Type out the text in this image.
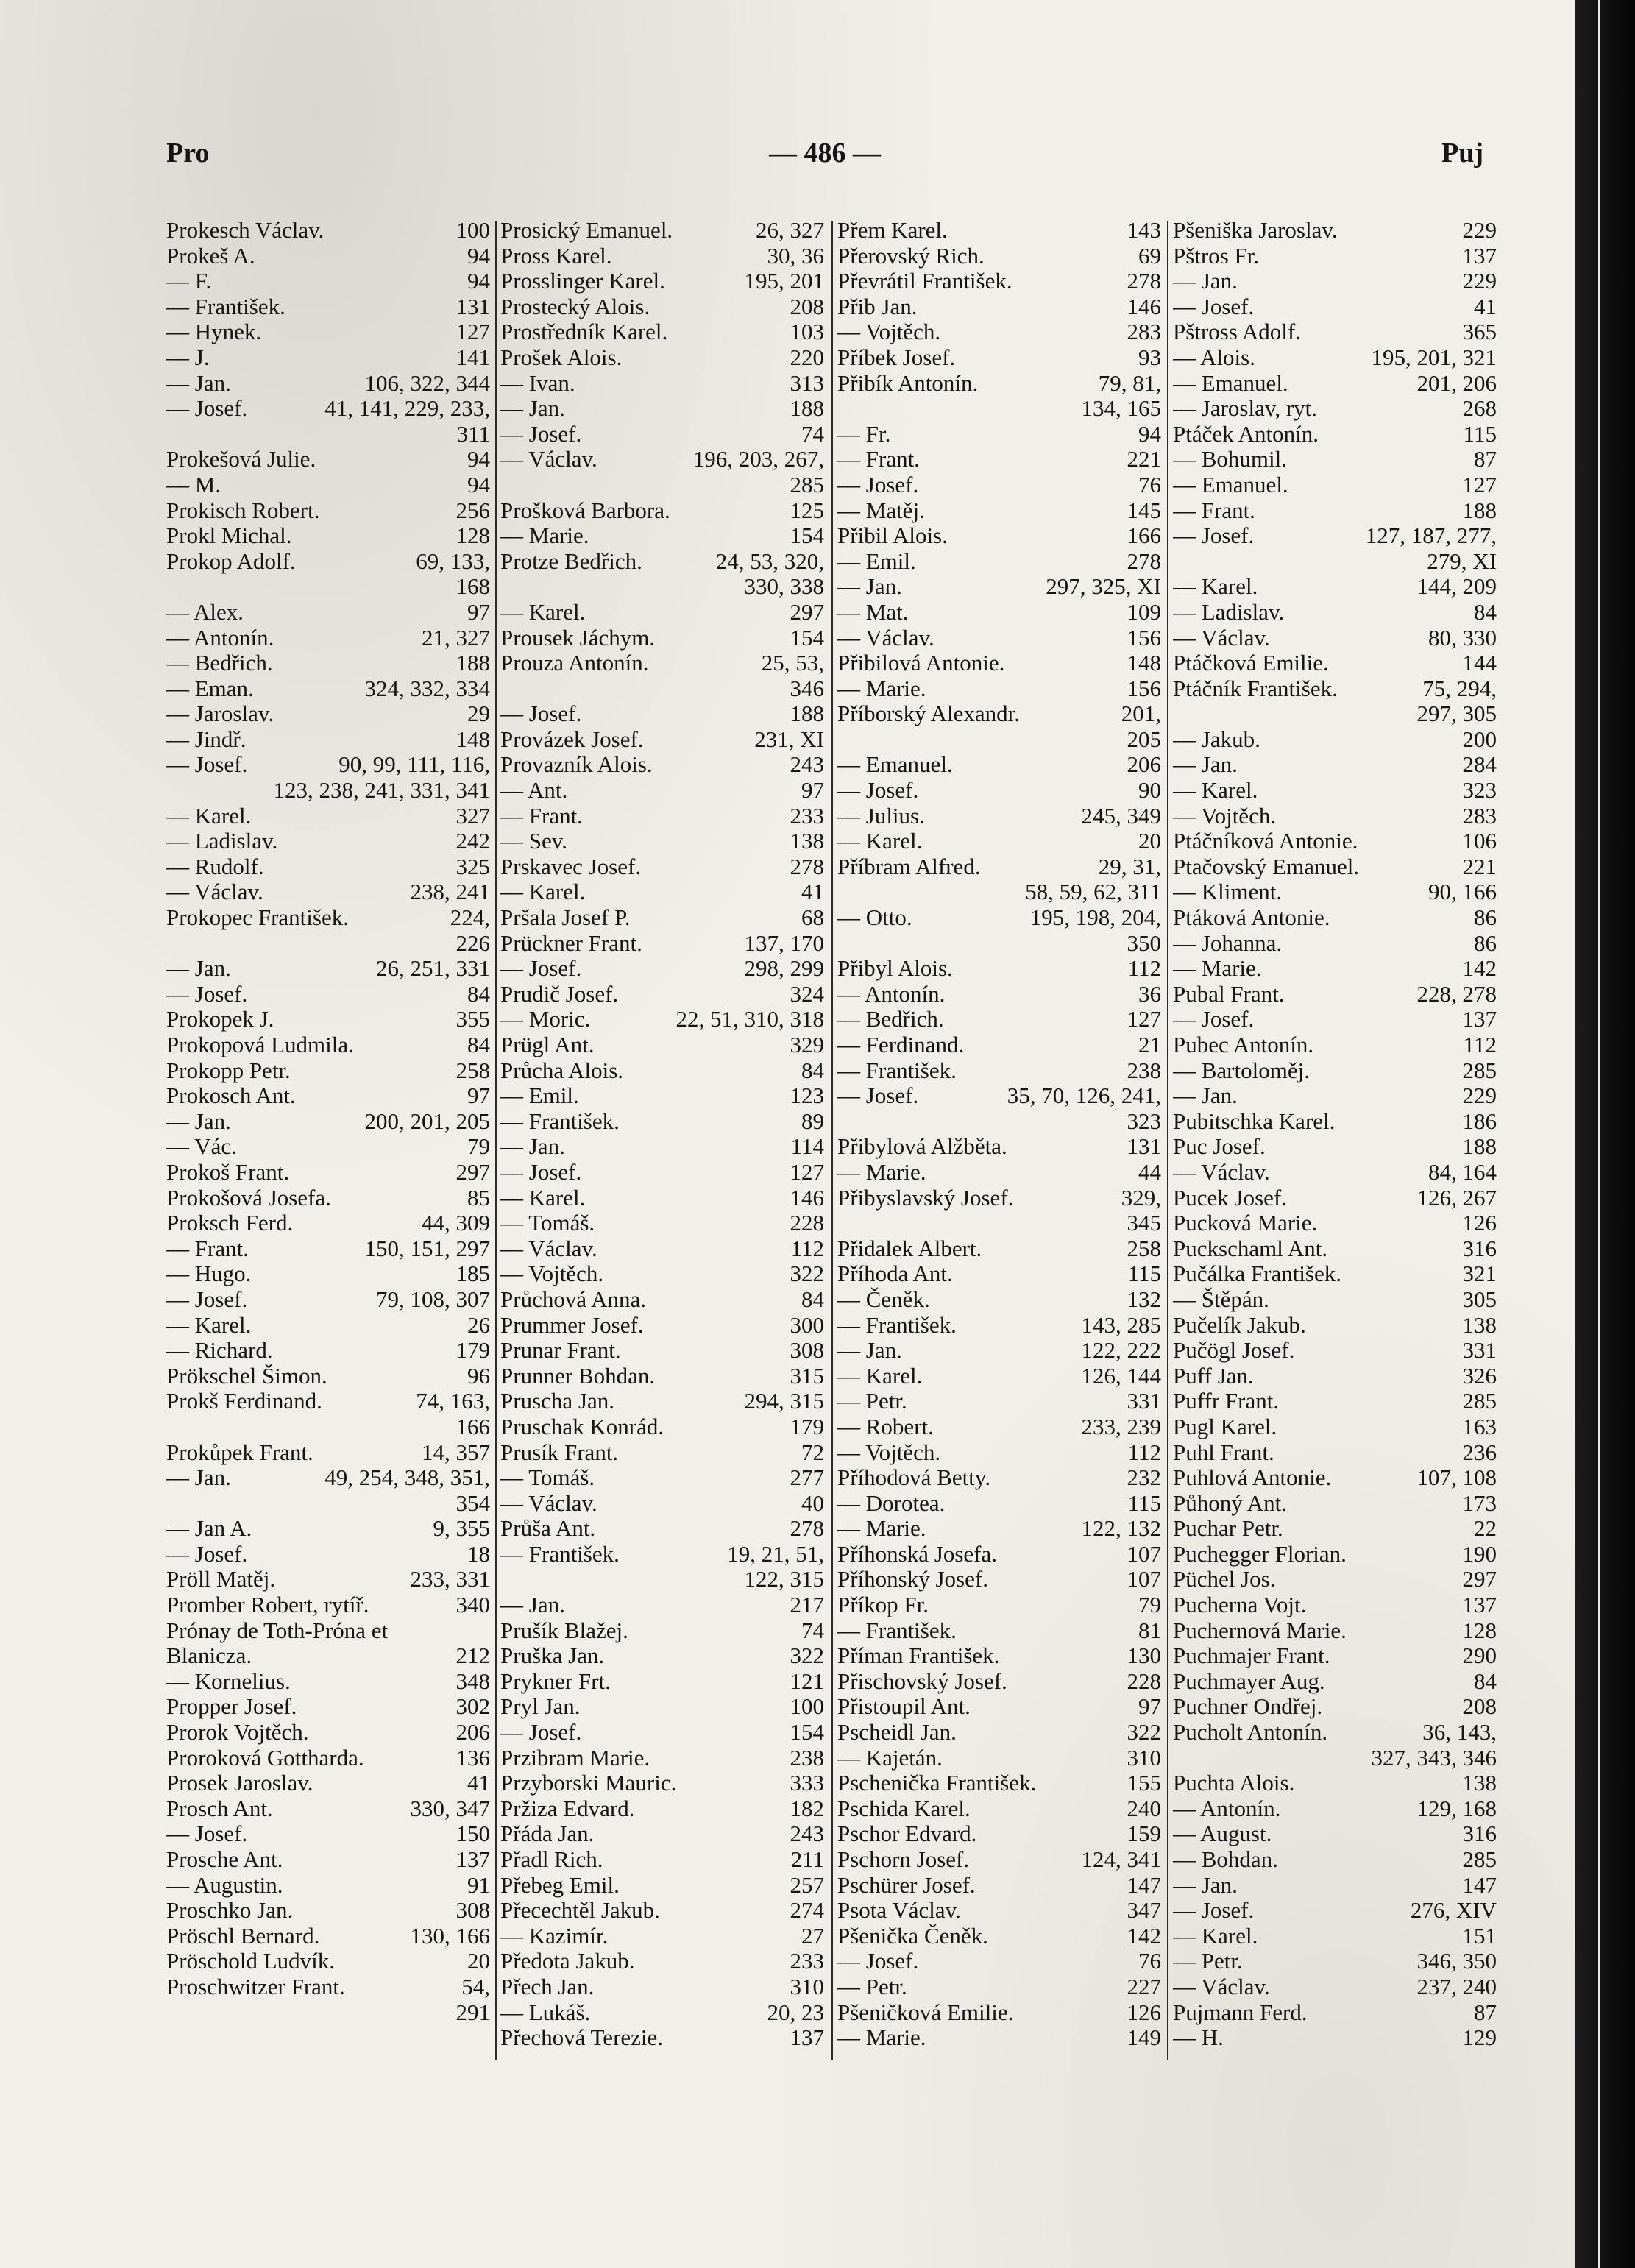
Pro	— 486 —	Puj
Prokesch Václav.	100
Prokeš A.	94
— F.	94
— František.	131
— Hynek.	127
— J.	141
— Jan.	106, 322, 344
— Josef.	41, 141, 229, 233,
311
Prokešová Julie.	94
— M.	94
Prokisch Robert.	256
Prokl Michal.	128
Prokop Adolf.	69, 133,
168
— Alex.	97
— Antonín.	21, 327
— Bedřich.	188
— Eman.	324, 332, 334
— Jaroslav.	29
— Jindř.	148
— Josef.	90, 99, 111, 116,
123, 238, 241, 331, 341
— Karel.	327
— Ladislav.	242
— Rudolf.	325
— Václav.	238, 241
Prokopec František.	224,
226
— Jan.	26, 251, 331
— Josef.	84
Prokopek J.	355
Prokopová Ludmila.	84
Prokopp Petr.	258
Prokosch Ant.	97
— Jan.	200, 201, 205
— Vác.	79
Prokoš Frant.	297
Prokošová Josefa.	85
Proksch Ferd.	44, 309
— Frant.	150, 151, 297
— Hugo.	185
— Josef.	79, 108, 307
— Karel.	26
— Richard.	179
Prökschel Šimon.	96
Prokš Ferdinand.	74, 163,
166
Prokůpek Frant.	14, 357
— Jan.	49, 254, 348, 351,
354
— Jan A.	9, 355
— Josef.	18
Pröll Matěj.	233, 331
Promber Robert, rytíř.	340
Prónay de Toth-Próna et
Blanicza.	212
— Kornelius.	348
Propper Josef.	302
Prorok Vojtěch.	206
Proroková Gottharda.	136
Prosek Jaroslav.	41
Prosch Ant.	330, 347
— Josef.	150
Prosche Ant.	137
— Augustin.	91
Proschko Jan.	308
Pröschl Bernard.	130, 166
Pröschold Ludvík.	20
Proschwitzer Frant.	54,
291
Prosický Emanuel.	26, 327
Pross Karel.	30, 36
Prosslinger Karel.	195, 201
Prostecký Alois.	208
Prostředník Karel.	103
Prošek Alois.	220
— Ivan.	313
— Jan.	188
— Josef.	74
— Václav.	196, 203, 267,
285
Prošková Barbora.	125
— Marie.	154
Protze Bedřich.	24, 53, 320,
330, 338
— Karel.	297
Prousek Jáchym.	154
Prouza Antonín.	25, 53,
346
— Josef.	188
Provázek Josef.	231, XI
Provazník Alois.	243
— Ant.	97
— Frant.	233
— Sev.	138
Prskavec Josef.	278
— Karel.	41
Pršala Josef P.	68
Prückner Frant.	137, 170
— Josef.	298, 299
Prudič Josef.	324
— Moric.	22, 51, 310, 318
Prügl Ant.	329
Průcha Alois.	84
— Emil.	123
— František.	89
— Jan.	114
— Josef.	127
— Karel.	146
— Tomáš.	228
— Václav.	112
— Vojtěch.	322
Průchová Anna.	84
Prummer Josef.	300
Prunar Frant.	308
Prunner Bohdan.	315
Pruscha Jan.	294, 315
Pruschak Konrád.	179
Prusík Frant.	72
— Tomáš.	277
— Václav.	40
Průša Ant.	278
— František.	19, 21, 51,
122, 315
— Jan.	217
Prušík Blažej.	74
Pruška Jan.	322
Prykner Frt.	121
Pryl Jan.	100
— Josef.	154
Przibram Marie.	238
Przyborski Mauric.	333
Pržiza Edvard.	182
Přáda Jan.	243
Přadl Rich.	211
Přebeg Emil.	257
Přecechtěl Jakub.	274
— Kazimír.	27
Předota Jakub.	233
Přech Jan.	310
— Lukáš.	20, 23
Přechová Terezie.	137
Přem Karel.	143
Přerovský Rich.	69
Převrátil František.	278
Přib Jan.	146
— Vojtěch.	283
Příbek Josef.	93
Přibík Antonín.	79, 81,
134, 165
— Fr.	94
— Frant.	221
— Josef.	76
— Matěj.	145
Přibil Alois.	166
— Emil.	278
— Jan.	297, 325, XI
— Mat.	109
— Václav.	156
Přibilová Antonie.	148
— Marie.	156
Příborský Alexandr.	201,
205
— Emanuel.	206
— Josef.	90
— Julius.	245, 349
— Karel.	20
Příbram Alfred.	29, 31,
58, 59, 62, 311
— Otto.	195, 198, 204,
350
Přibyl Alois.	112
— Antonín.	36
— Bedřich.	127
— Ferdinand.	21
— František.	238
— Josef.	35, 70, 126, 241,
323
Přibylová Alžběta.	131
— Marie.	44
Přibyslavský Josef.	329,
345
Přidalek Albert.	258
Příhoda Ant.	115
— Čeněk.	132
— František.	143, 285
— Jan.	122, 222
— Karel.	126, 144
— Petr.	331
— Robert.	233, 239
— Vojtěch.	112
Příhodová Betty.	232
— Dorotea.	115
— Marie.	122, 132
Příhonská Josefa.	107
Příhonský Josef.	107
Příkop Fr.	79
— František.	81
Příman František.	130
Přischovský Josef.	228
Přistoupil Ant.	97
Pscheidl Jan.	322
— Kajetán.	310
Pschenička František.	155
Pschida Karel.	240
Pschor Edvard.	159
Pschorn Josef.	124, 341
Pschürer Josef.	147
Psota Václav.	347
Pšenička Čeněk.	142
— Josef.	76
— Petr.	227
Pšeničková Emilie.	126
— Marie.	149
Pšeniška Jaroslav.	229
Pštros Fr.	137
— Jan.	229
— Josef.	41
Pštross Adolf.	365
— Alois.	195, 201, 321
— Emanuel.	201, 206
— Jaroslav, ryt.	268
Ptáček Antonín.	115
— Bohumil.	87
— Emanuel.	127
— Frant.	188
— Josef.	127, 187, 277,
279, XI
— Karel.	144, 209
— Ladislav.	84
— Václav.	80, 330
Ptáčková Emilie.	144
Ptáčník František.	75, 294,
297, 305
— Jakub.	200
— Jan.	284
— Karel.	323
— Vojtěch.	283
Ptáčníková Antonie.	106
Ptačovský Emanuel.	221
— Kliment.	90, 166
Ptáková Antonie.	86
— Johanna.	86
— Marie.	142
Pubal Frant.	228, 278
— Josef.	137
Pubec Antonín.	112
— Bartoloměj.	285
— Jan.	229
Pubitschka Karel.	186
Puc Josef.	188
— Václav.	84, 164
Pucek Josef.	126, 267
Pucková Marie.	126
Puckschaml Ant.	316
Pučálka František.	321
— Štěpán.	305
Pučelík Jakub.	138
Pučögl Josef.	331
Puff Jan.	326
Puffr Frant.	285
Pugl Karel.	163
Puhl Frant.	236
Puhlová Antonie.	107, 108
Půhoný Ant.	173
Puchar Petr.	22
Puchegger Florian.	190
Püchel Jos.	297
Pucherna Vojt.	137
Puchernová Marie.	128
Puchmajer Frant.	290
Puchmayer Aug.	84
Puchner Ondřej.	208
Pucholt Antonín.	36, 143,
327, 343, 346
Puchta Alois.	138
— Antonín.	129, 168
— August.	316
— Bohdan.	285
— Jan.	147
— Josef.	276, XIV
— Karel.	151
— Petr.	346, 350
— Václav.	237, 240
Pujmann Ferd.	87
— H.	129
